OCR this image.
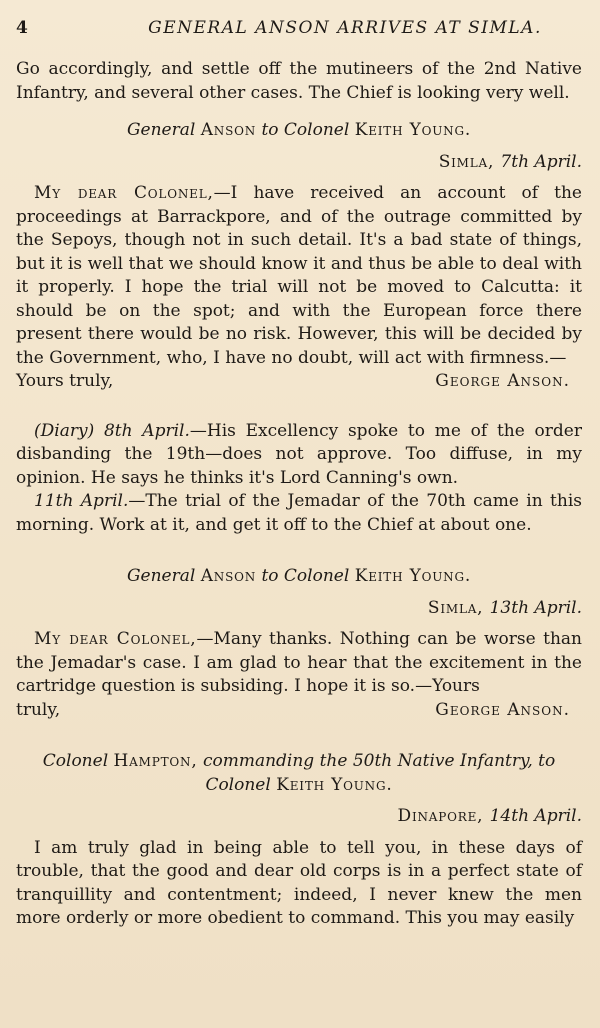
4	GENERAL ANSON ARRIVES AT SIMLA.

Go accordingly, and settle off the mutineers of the 2nd Native Infantry, and several other cases. The Chief is looking very well.

General Anson to Colonel Keith Young.

Simla, 7th April.

My dear Colonel,—I have received an account of the proceedings at Barrackpore, and of the outrage committed by the Sepoys, though not in such detail. It's a bad state of things, but it is well that we should know it and thus be able to deal with it properly. I hope the trial will not be moved to Calcutta: it should be on the spot; and with the European force there present there would be no risk. However, this will be decided by the Government, who, I have no doubt, will act with firmness.—

Yours truly,	George Anson.

(Diary) 8th April.—His Excellency spoke to me of the order disbanding the 19th—does not approve. Too diffuse, in my opinion. He says he thinks it's Lord Canning's own.

11th April.—The trial of the Jemadar of the 70th came in this morning. Work at it, and get it off to the Chief at about one.

General Anson to Colonel Keith Young.

Simla, 13th April.

My dear Colonel,—Many thanks. Nothing can be worse than the Jemadar's case. I am glad to hear that the excitement in the cartridge question is subsiding. I hope it is so.—Yours

truly,	George Anson.

Colonel Hampton, commanding the 50th Native Infantry, to

Colonel Keith Young.

Dinapore, 14th April.

I am truly glad in being able to tell you, in these days of trouble, that the good and dear old corps is in a perfect state of tranquillity and contentment; indeed, I never knew the men more orderly or more obedient to command. This you may easily
